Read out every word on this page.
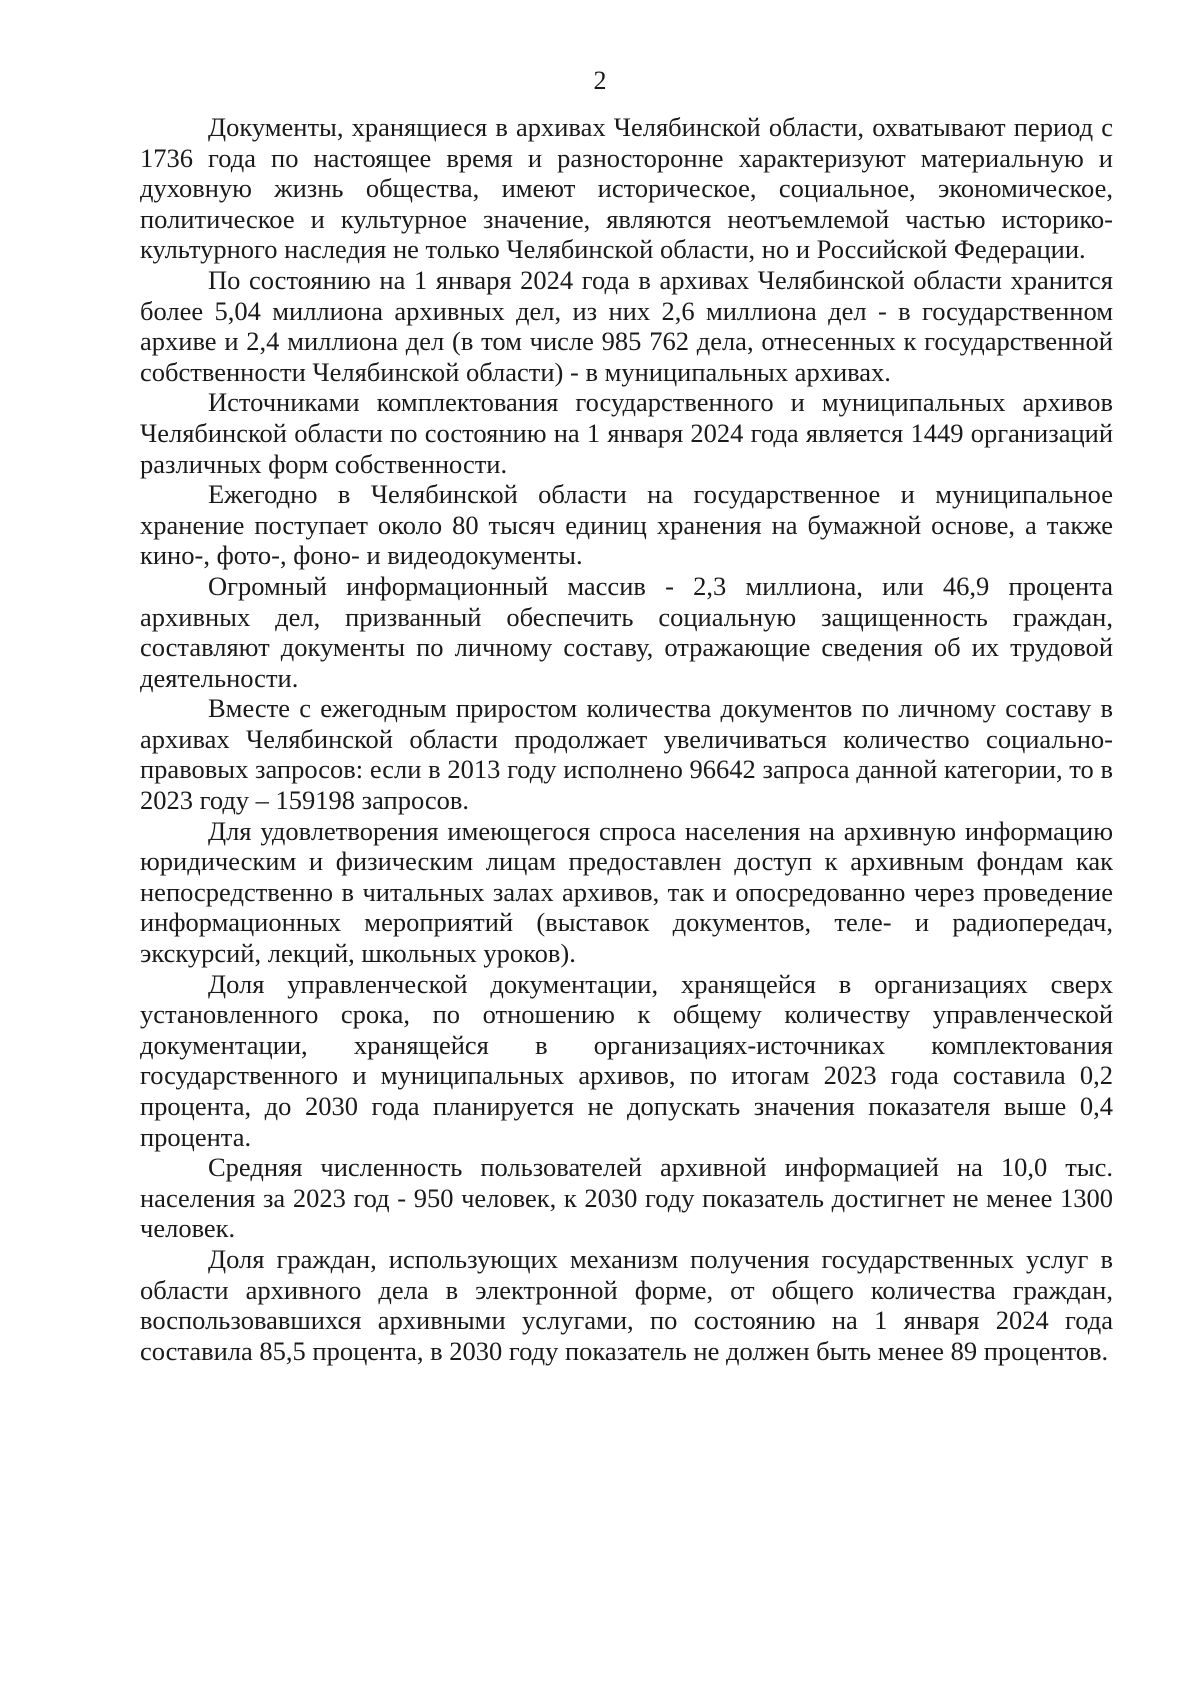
2

Документы, хранящиеся в архивах Челябинской области, охватывают период с 1736 года по настоящее время и разносторонне характеризуют материальную и духовную жизнь общества, имеют историческое, социальное, экономическое, политическое и культурное значение, являются неотъемлемой частью историко-культурного наследия не только Челябинской области, но и Российской Федерации.

По состоянию на 1 января 2024 года в архивах Челябинской области хранится более 5,04 миллиона архивных дел, из них 2,6 миллиона дел - в государственном архиве и 2,4 миллиона дел (в том числе 985 762 дела, отнесенных к государственной собственности Челябинской области) - в муниципальных архивах.

Источниками комплектования государственного и муниципальных архивов Челябинской области по состоянию на 1 января 2024 года является 1449 организаций различных форм собственности.

Ежегодно в Челябинской области на государственное и муниципальное хранение поступает около 80 тысяч единиц хранения на бумажной основе, а также кино-, фото-, фоно- и видеодокументы.

Огромный информационный массив - 2,3 миллиона, или 46,9 процента архивных дел, призванный обеспечить социальную защищенность граждан, составляют документы по личному составу, отражающие сведения об их трудовой деятельности.

Вместе с ежегодным приростом количества документов по личному составу в архивах Челябинской области продолжает увеличиваться количество социально-правовых запросов: если в 2013 году исполнено 96642 запроса данной категории, то в 2023 году – 159198 запросов.

Для удовлетворения имеющегося спроса населения на архивную информацию юридическим и физическим лицам предоставлен доступ к архивным фондам как непосредственно в читальных залах архивов, так и опосредованно через проведение информационных мероприятий (выставок документов, теле- и радиопередач, экскурсий, лекций, школьных уроков).

Доля управленческой документации, хранящейся в организациях сверх установленного срока, по отношению к общему количеству управленческой документации, хранящейся в организациях-источниках комплектования государственного и муниципальных архивов, по итогам 2023 года составила 0,2 процента, до 2030 года планируется не допускать значения показателя выше 0,4 процента.

Средняя численность пользователей архивной информацией на 10,0 тыс. населения за 2023 год - 950 человек, к 2030 году показатель достигнет не менее 1300 человек.

Доля граждан, использующих механизм получения государственных услуг в области архивного дела в электронной форме, от общего количества граждан, воспользовавшихся архивными услугами, по состоянию на 1 января 2024 года составила 85,5 процента, в 2030 году показатель не должен быть менее 89 процентов.
